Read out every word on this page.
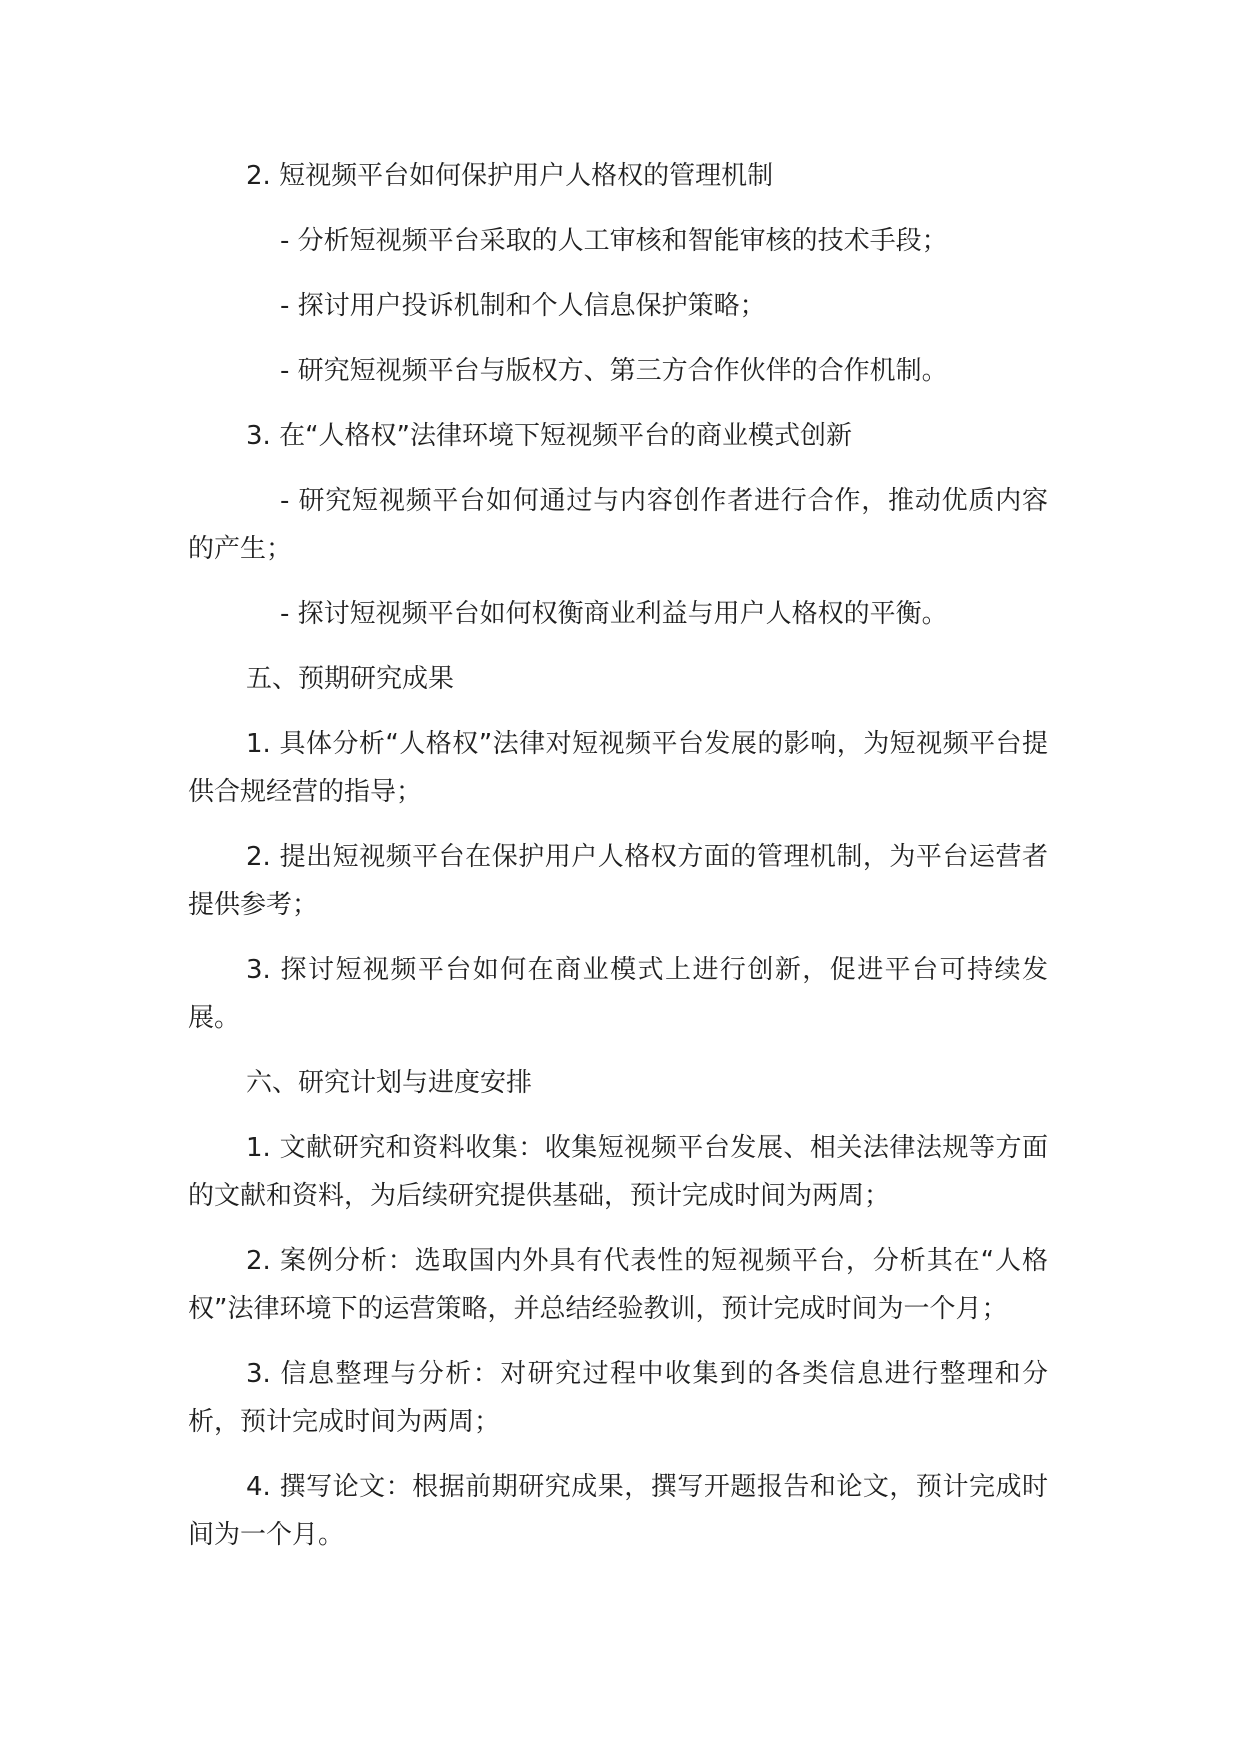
2. 短视频平台如何保护用户人格权的管理机制

- 分析短视频平台采取的人工审核和智能审核的技术手段；

- 探讨用户投诉机制和个人信息保护策略；

- 研究短视频平台与版权方、第三方合作伙伴的合作机制。

3. 在“人格权”法律环境下短视频平台的商业模式创新

- 研究短视频平台如何通过与内容创作者进行合作，推动优质内容的产生；

- 探讨短视频平台如何权衡商业利益与用户人格权的平衡。

五、预期研究成果

1. 具体分析“人格权”法律对短视频平台发展的影响，为短视频平台提供合规经营的指导；

2. 提出短视频平台在保护用户人格权方面的管理机制，为平台运营者提供参考；

3. 探讨短视频平台如何在商业模式上进行创新，促进平台可持续发展。

六、研究计划与进度安排

1. 文献研究和资料收集：收集短视频平台发展、相关法律法规等方面的文献和资料，为后续研究提供基础，预计完成时间为两周；

2. 案例分析：选取国内外具有代表性的短视频平台，分析其在“人格权”法律环境下的运营策略，并总结经验教训，预计完成时间为一个月；

3. 信息整理与分析：对研究过程中收集到的各类信息进行整理和分析，预计完成时间为两周；

4. 撰写论文：根据前期研究成果，撰写开题报告和论文，预计完成时间为一个月。
